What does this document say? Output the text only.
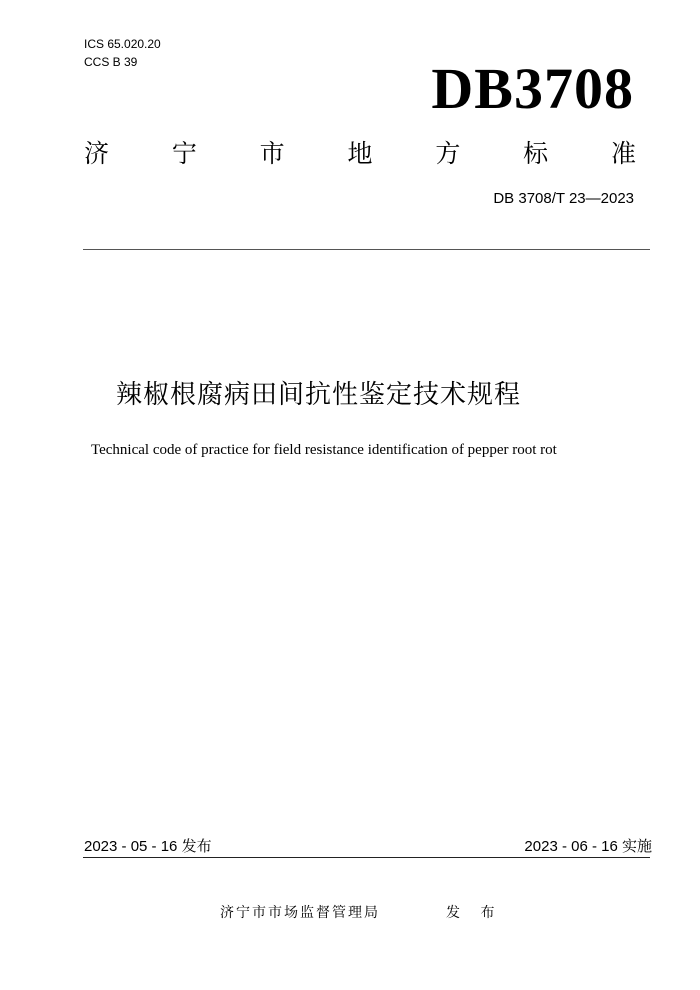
ICS 65.020.20
CCS B 39	DB3708
济	宁	市	地	方	标	准
DB 3708/T 23—2023
辣椒根腐病田间抗性鉴定技术规程
Technical code of practice for field resistance identification of pepper root rot
2023 - 05 - 16 发布	2023 - 06 - 16 实施
济宁市市场监督管理局	发 布
